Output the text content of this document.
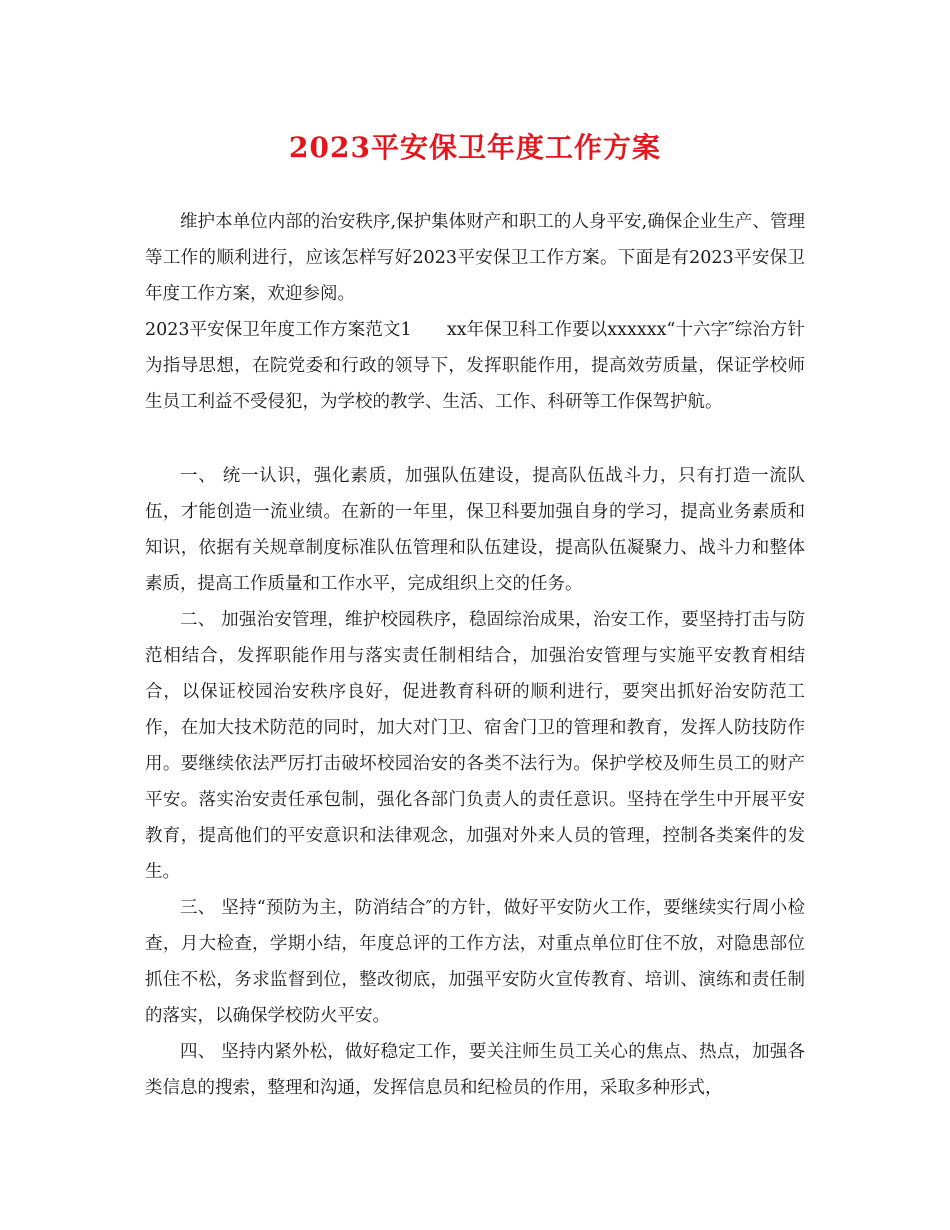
2023平安保卫年度工作方案

维护本单位内部的治安秩序,保护集体财产和职工的人身平安,确保企业生产、管理等工作的顺利进行，应该怎样写好2023平安保卫工作方案。下面是有2023平安保卫年度工作方案，欢迎参阅。

2023平安保卫年度工作方案范文1　　xx年保卫科工作要以xxxxxx“十六字″综治方针为指导思想，在院党委和行政的领导下，发挥职能作用，提高效劳质量，保证学校师生员工利益不受侵犯，为学校的教学、生活、工作、科研等工作保驾护航。

一、 统一认识，强化素质，加强队伍建设，提高队伍战斗力，只有打造一流队伍，才能创造一流业绩。在新的一年里，保卫科要加强自身的学习，提高业务素质和知识，依据有关规章制度标准队伍管理和队伍建设，提高队伍凝聚力、战斗力和整体素质，提高工作质量和工作水平，完成组织上交的任务。

二、 加强治安管理，维护校园秩序，稳固综治成果，治安工作，要坚持打击与防范相结合，发挥职能作用与落实责任制相结合，加强治安管理与实施平安教育相结合，以保证校园治安秩序良好，促进教育科研的顺利进行，要突出抓好治安防范工作，在加大技术防范的同时，加大对门卫、宿舍门卫的管理和教育，发挥人防技防作用。要继续依法严厉打击破坏校园治安的各类不法行为。保护学校及师生员工的财产平安。落实治安责任承包制，强化各部门负责人的责任意识。坚持在学生中开展平安教育，提高他们的平安意识和法律观念，加强对外来人员的管理，控制各类案件的发生。

三、 坚持“预防为主，防消结合″的方针，做好平安防火工作，要继续实行周小检查，月大检查，学期小结，年度总评的工作方法，对重点单位盯住不放，对隐患部位抓住不松，务求监督到位，整改彻底，加强平安防火宣传教育、培训、演练和责任制的落实，以确保学校防火平安。

四、 坚持内紧外松，做好稳定工作，要关注师生员工关心的焦点、热点，加强各类信息的搜索，整理和沟通，发挥信息员和纪检员的作用，采取多种形式，
